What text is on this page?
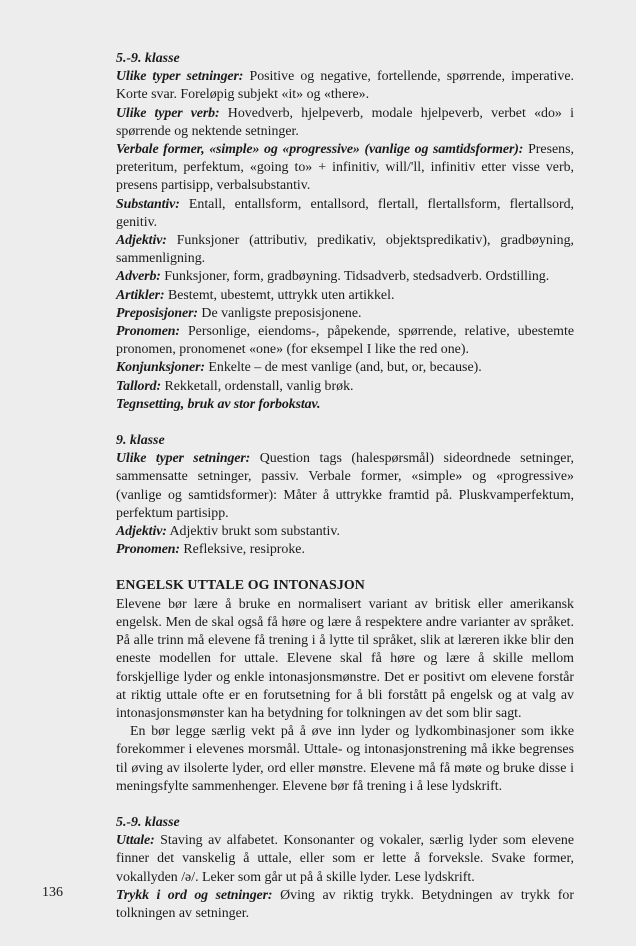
5.-9. klasse

Ulike typer setninger: Positive og negative, fortellende, spørrende, imperative. Korte svar. Foreløpig subjekt «it» og «there».

Ulike typer verb: Hovedverb, hjelpeverb, modale hjelpeverb, verbet «do» i spørrende og nektende setninger.

Verbale former, «simple» og «progressive» (vanlige og samtidsformer): Presens, preteritum, perfektum, «going to» + infinitiv, will/'ll, infinitiv etter visse verb, presens partisipp, verbalsubstantiv.

Substantiv: Entall, entallsform, entallsord, flertall, flertallsform, flertallsord, genitiv.

Adjektiv: Funksjoner (attributiv, predikativ, objektspredikativ), gradbøyning, sammenligning.

Adverb: Funksjoner, form, gradbøyning. Tidsadverb, stedsadverb. Ordstilling.

Artikler: Bestemt, ubestemt, uttrykk uten artikkel.

Preposisjoner: De vanligste preposisjonene.

Pronomen: Personlige, eiendoms-, påpekende, spørrende, relative, ubestemte pronomen, pronomenet «one» (for eksempel I like the red one).

Konjunksjoner: Enkelte – de mest vanlige (and, but, or, because).

Tallord: Rekketall, ordenstall, vanlig brøk.

Tegnsetting, bruk av stor forbokstav.

9. klasse

Ulike typer setninger: Question tags (halespørsmål) sideordnede setninger, sammensatte setninger, passiv. Verbale former, «simple» og «progressive» (vanlige og samtidsformer): Måter å uttrykke framtid på. Pluskvamperfektum, perfektum partisipp.

Adjektiv: Adjektiv brukt som substantiv.

Pronomen: Refleksive, resiproke.

ENGELSK UTTALE OG INTONASJON

Elevene bør lære å bruke en normalisert variant av britisk eller amerikansk engelsk. Men de skal også få høre og lære å respektere andre varianter av språket. På alle trinn må elevene få trening i å lytte til språket, slik at læreren ikke blir den eneste modellen for uttale. Elevene skal få høre og lære å skille mellom forskjellige lyder og enkle intonasjonsmønstre. Det er positivt om elevene forstår at riktig uttale ofte er en forutsetning for å bli forstått på engelsk og at valg av intonasjonsmønster kan ha betydning for tolkningen av det som blir sagt.

En bør legge særlig vekt på å øve inn lyder og lydkombinasjoner som ikke forekommer i elevenes morsmål. Uttale- og intonasjonstrening må ikke begrenses til øving av ilsolerte lyder, ord eller mønstre. Elevene må få møte og bruke disse i meningsfylte sammenhenger. Elevene bør få trening i å lese lydskrift.

5.-9. klasse

Uttale: Staving av alfabetet. Konsonanter og vokaler, særlig lyder som elevene finner det vanskelig å uttale, eller som er lette å forveksle. Svake former, vokallyden /ə/. Leker som går ut på å skille lyder. Lese lydskrift.

Trykk i ord og setninger: Øving av riktig trykk. Betydningen av trykk for tolkningen av setninger.

136
